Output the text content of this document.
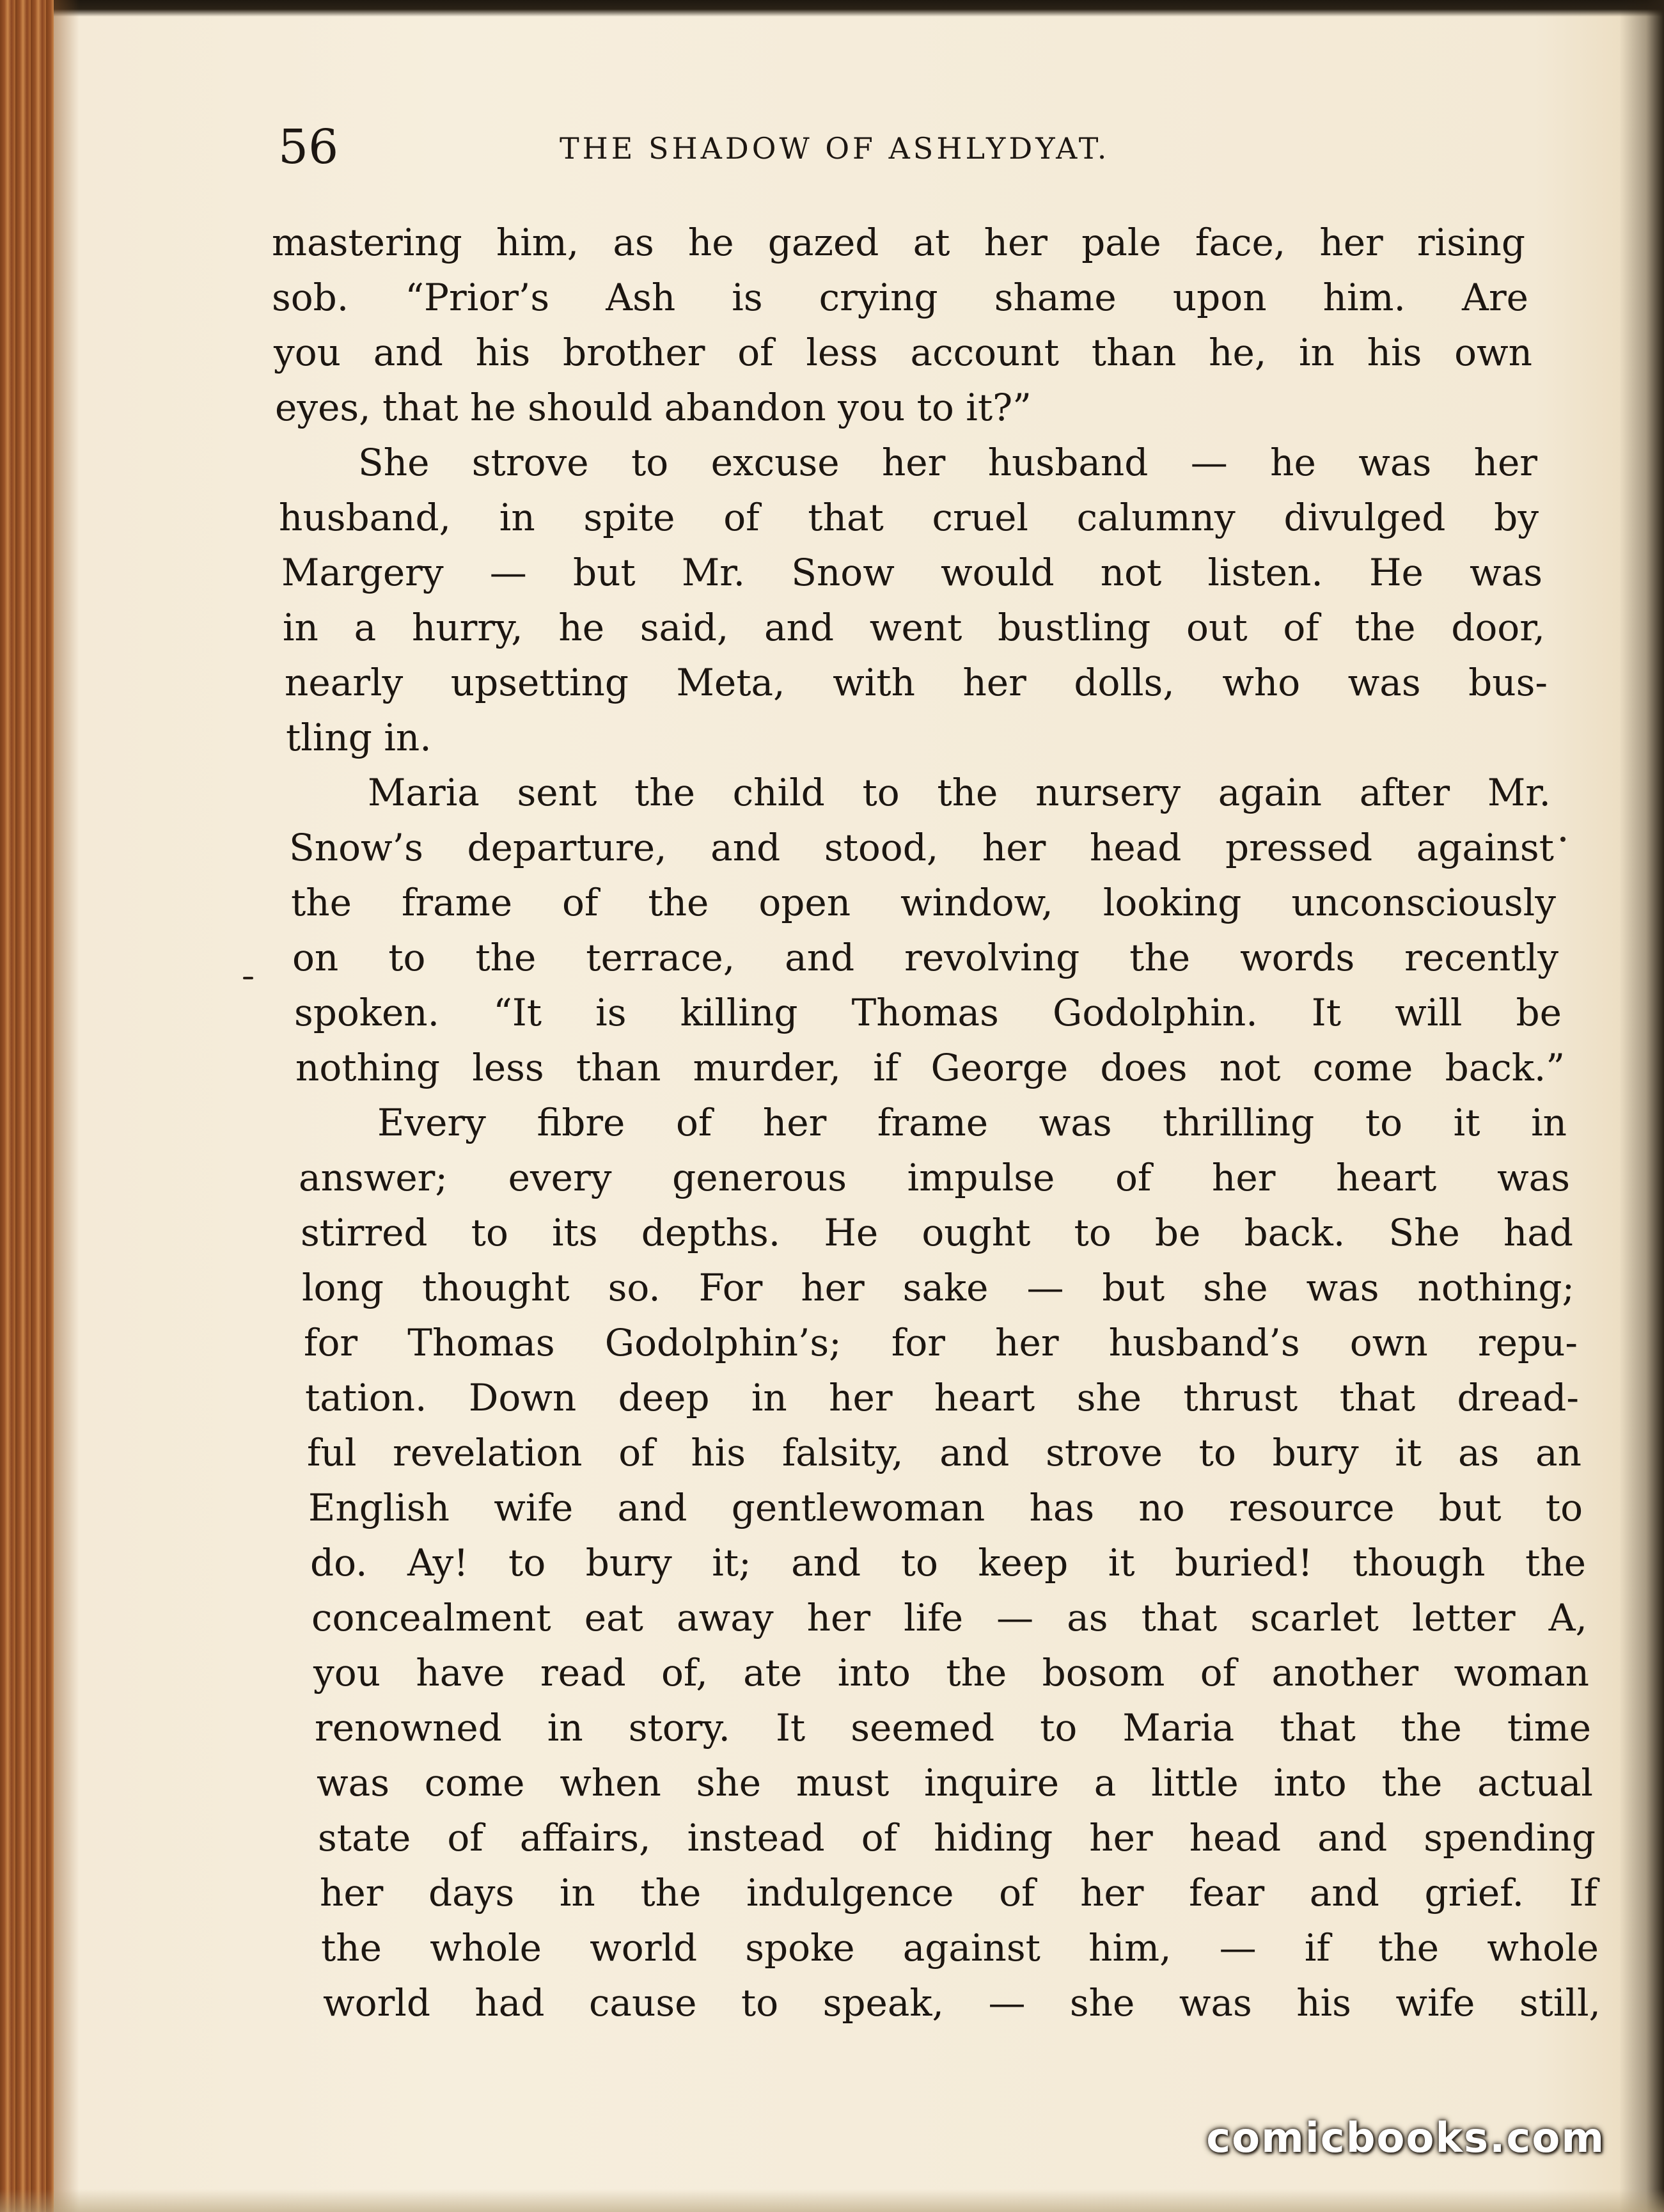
56	THE SHADOW OF ASHLYDYAT.
mastering him, as he gazed at her pale face, her rising
sob. “Prior’s Ash is crying shame upon him. Are
you and his brother of less account than he, in his own
eyes, that he should abandon you to it?”
She strove to excuse her husband — he was her
husband, in spite of that cruel calumny divulged by
Margery — but Mr. Snow would not listen. He was
in a hurry, he said, and went bustling out of the door,
nearly upsetting Meta, with her dolls, who was bus-
tling in.
Maria sent the child to the nursery again after Mr.
Snow’s departure, and stood, her head pressed against
the frame of the open window, looking unconsciously
on to the terrace, and revolving the words recently
spoken. “It is killing Thomas Godolphin. It will be
nothing less than murder, if George does not come back.”
Every fibre of her frame was thrilling to it in
answer; every generous impulse of her heart was
stirred to its depths. He ought to be back. She had
long thought so. For her sake — but she was nothing;
for Thomas Godolphin’s; for her husband’s own repu-
tation. Down deep in her heart she thrust that dread-
ful revelation of his falsity, and strove to bury it as an
English wife and gentlewoman has no resource but to
do. Ay! to bury it; and to keep it buried! though the
concealment eat away her life — as that scarlet letter A,
you have read of, ate into the bosom of another woman
renowned in story. It seemed to Maria that the time
was come when she must inquire a little into the actual
state of affairs, instead of hiding her head and spending
her days in the indulgence of her fear and grief. If
the whole world spoke against him, — if the whole
world had cause to speak, — she was his wife still,
comicbooks.com
